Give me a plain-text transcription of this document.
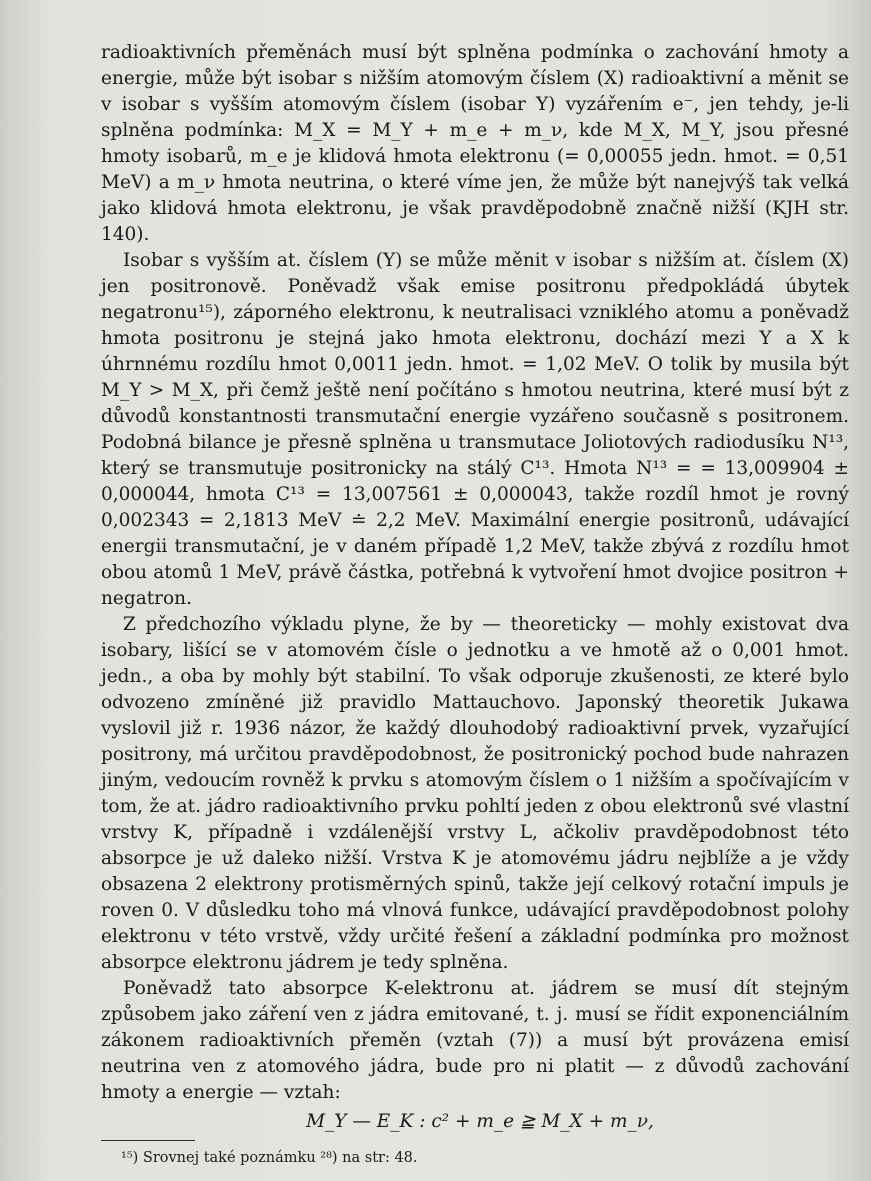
radioaktivních přeměnách musí být splněna podmínka o zachování hmoty a energie, může být isobar s nižším atomovým číslem (X) radioaktivní a měnit se v isobar s vyšším atomovým číslem (isobar Y) vyzářením e⁻, jen tehdy, je-li splněna podmínka: M_X = M_Y + m_e + m_ν, kde M_X, M_Y, jsou přesné hmoty isobarů, m_e je klidová hmota elektronu (= 0,00055 jedn. hmot. = 0,51 MeV) a m_ν hmota neutrina, o které víme jen, že může být nanejvýš tak velká jako klidová hmota elektronu, je však pravděpodobně značně nižší (KJH str. 140).

Isobar s vyšším at. číslem (Y) se může měnit v isobar s nižším at. číslem (X) jen positronově. Poněvadž však emise positronu předpokládá úbytek negatronu¹⁵), záporného elektronu, k neutralisaci vzniklého atomu a poněvadž hmota positronu je stejná jako hmota elektronu, dochází mezi Y a X k úhrnnému rozdílu hmot 0,0011 jedn. hmot. = 1,02 MeV. O tolik by musila být M_Y > M_X, při čemž ještě není počítáno s hmotou neutrina, které musí být z důvodů konstantnosti transmutační energie vyzářeno současně s positronem. Podobná bilance je přesně splněna u transmutace Joliotových radiodusíku N¹³, který se transmutuje positronicky na stálý C¹³. Hmota N¹³ = = 13,009904 ± 0,000044, hmota C¹³ = 13,007561 ± 0,000043, takže rozdíl hmot je rovný 0,002343 = 2,1813 MeV ≐ 2,2 MeV. Maximální energie positronů, udávající energii transmutační, je v daném případě 1,2 MeV, takže zbývá z rozdílu hmot obou atomů 1 MeV, právě částka, potřebná k vytvoření hmot dvojice positron + negatron.

Z předchozího výkladu plyne, že by — theoreticky — mohly existovat dva isobary, lišící se v atomovém čísle o jednotku a ve hmotě až o 0,001 hmot. jedn., a oba by mohly být stabilní. To však odporuje zkušenosti, ze které bylo odvozeno zmíněné již pravidlo Mattauchovo. Japonský theoretik Jukawa vyslovil již r. 1936 názor, že každý dlouhodobý radioaktivní prvek, vyzařující positrony, má určitou pravděpodobnost, že positronický pochod bude nahrazen jiným, vedoucím rovněž k prvku s atomovým číslem o 1 nižším a spočívajícím v tom, že at. jádro radioaktivního prvku pohltí jeden z obou elektronů své vlastní vrstvy K, případně i vzdálenější vrstvy L, ačkoliv pravděpodobnost této absorpce je už daleko nižší. Vrstva K je atomovému jádru nejblíže a je vždy obsazena 2 elektrony protisměrných spinů, takže její celkový rotační impuls je roven 0. V důsledku toho má vlnová funkce, udávající pravděpodobnost polohy elektronu v této vrstvě, vždy určité řešení a základní podmínka pro možnost absorpce elektronu jádrem je tedy splněna.

Poněvadž tato absorpce K-elektronu at. jádrem se musí dít stejným způsobem jako záření ven z jádra emitované, t. j. musí se řídit exponenciálním zákonem radioaktivních přeměn (vztah (7)) a musí být provázena emisí neutrina ven z atomového jádra, bude pro ni platit — z důvodů zachování hmoty a energie — vztah:

M_Y — E_K : c² + m_e ≧ M_X + m_ν,
¹⁵) Srovnej také poznámku ²⁸) na str: 48.
